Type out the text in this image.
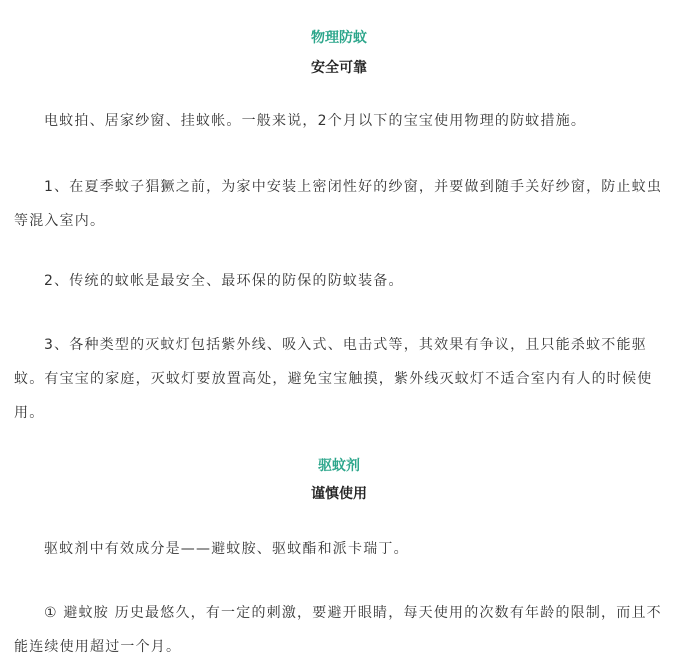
物理防蚊
安全可靠

电蚊拍、居家纱窗、挂蚊帐。一般来说，2个月以下的宝宝使用物理的防蚊措施。

1、在夏季蚊子猖獗之前，为家中安装上密闭性好的纱窗，并要做到随手关好纱窗，防止蚊虫等混入室内。

2、传统的蚊帐是最安全、最环保的防保的防蚊装备。

3、各种类型的灭蚊灯包括紫外线、吸入式、电击式等，其效果有争议，且只能杀蚊不能驱蚊。有宝宝的家庭，灭蚊灯要放置高处，避免宝宝触摸，紫外线灭蚊灯不适合室内有人的时候使用。

驱蚊剂
谨慎使用

驱蚊剂中有效成分是——避蚊胺、驱蚊酯和派卡瑞丁。

① 避蚊胺 历史最悠久，有一定的刺激，要避开眼睛，每天使用的次数有年龄的限制，而且不能连续使用超过一个月。
